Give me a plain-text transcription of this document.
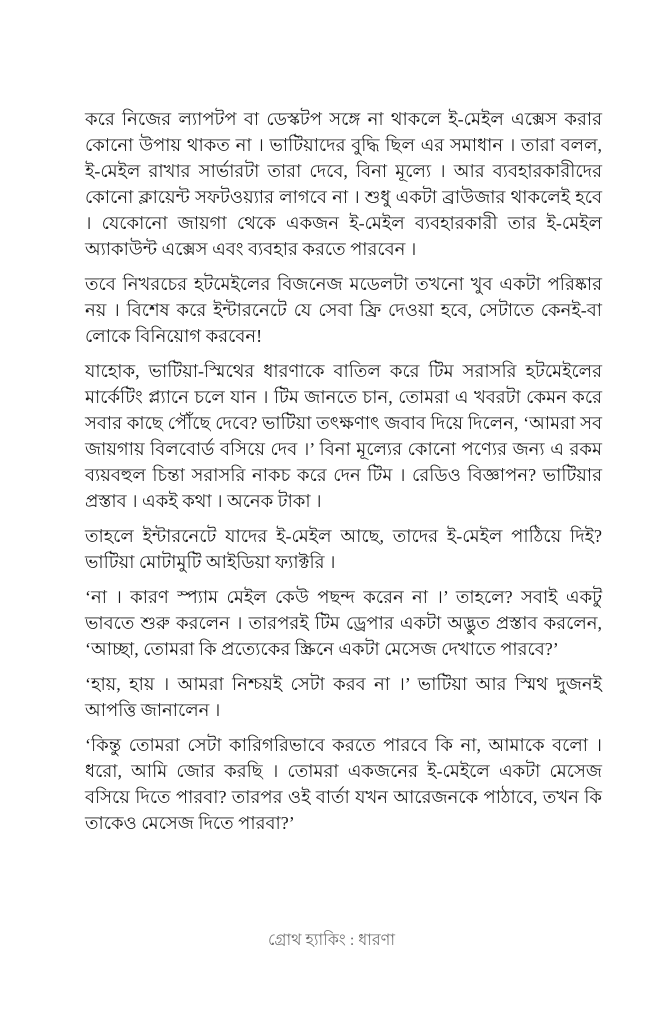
করে নিজের ল্যাপটপ বা ডেস্কটপ সঙ্গে না থাকলে ই-মেইল এক্সেস করার কোনো উপায় থাকত না । ভাটিয়াদের বুদ্ধি ছিল এর সমাধান । তারা বলল, ই-মেইল রাখার সার্ভারটা তারা দেবে, বিনা মূল্যে । আর ব্যবহারকারীদের কোনো ক্লায়েন্ট সফটওয়্যার লাগবে না । শুধু একটা ব্রাউজার থাকলেই হবে । যেকোনো জায়গা থেকে একজন ই-মেইল ব্যবহারকারী তার ই-মেইল অ্যাকাউন্ট এক্সেস এবং ব্যবহার করতে পারবেন ।

তবে নিখরচের হটমেইলের বিজনেজ মডেলটা তখনো খুব একটা পরিষ্কার নয় । বিশেষ করে ইন্টারনেটে যে সেবা ফ্রি দেওয়া হবে, সেটাতে কেনই-বা লোকে বিনিয়োগ করবেন!

যাহোক, ভাটিয়া-স্মিথের ধারণাকে বাতিল করে টিম সরাসরি হটমেইলের মার্কেটিং প্ল্যানে চলে যান । টিম জানতে চান, তোমরা এ খবরটা কেমন করে সবার কাছে পৌঁছে দেবে? ভাটিয়া তৎক্ষণাৎ জবাব দিয়ে দিলেন, ‘আমরা সব জায়গায় বিলবোর্ড বসিয়ে দেব ।’ বিনা মূল্যের কোনো পণ্যের জন্য এ রকম ব্যয়বহুল চিন্তা সরাসরি নাকচ করে দেন টিম । রেডিও বিজ্ঞাপন? ভাটিয়ার প্রস্তাব । একই কথা । অনেক টাকা ।

তাহলে ইন্টারনেটে যাদের ই-মেইল আছে, তাদের ই-মেইল পাঠিয়ে দিই? ভাটিয়া মোটামুটি আইডিয়া ফ্যাক্টরি ।

‘না । কারণ স্প্যাম মেইল কেউ পছন্দ করেন না ।’ তাহলে? সবাই একটু ভাবতে শুরু করলেন । তারপরই টিম ড্রেপার একটা অদ্ভুত প্রস্তাব করলেন, ‘আচ্ছা, তোমরা কি প্রত্যেকের স্ক্রিনে একটা মেসেজ দেখাতে পারবে?’

‘হায়, হায় । আমরা নিশ্চয়ই সেটা করব না ।’ ভাটিয়া আর স্মিথ দুজনই আপত্তি জানালেন ।

‘কিন্তু তোমরা সেটা কারিগরিভাবে করতে পারবে কি না, আমাকে বলো । ধরো, আমি জোর করছি । তোমরা একজনের ই-মেইলে একটা মেসেজ বসিয়ে দিতে পারবা? তারপর ওই বার্তা যখন আরেজনকে পাঠাবে, তখন কি তাকেও মেসেজ দিতে পারবা?’

গ্রোথ হ্যাকিং : ধারণা
